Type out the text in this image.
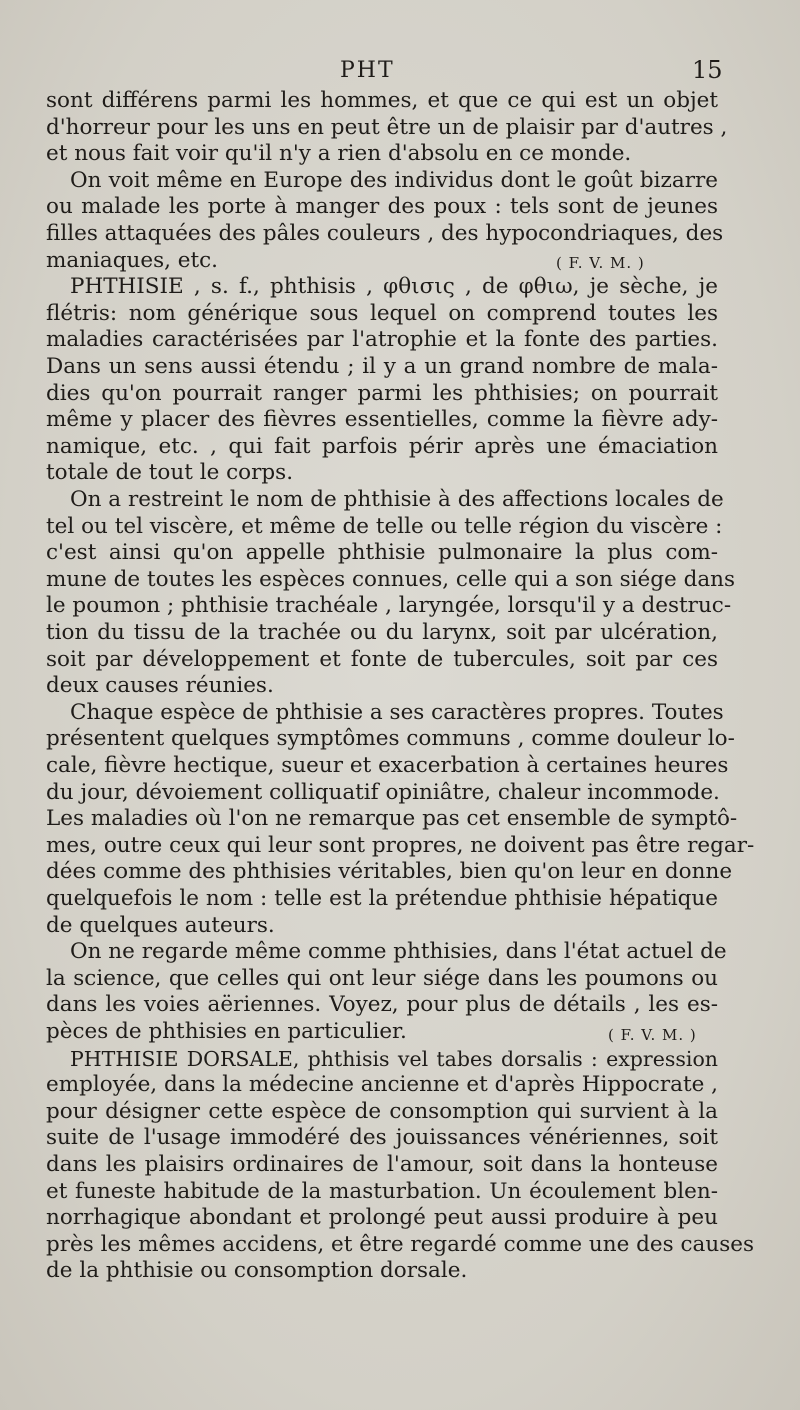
PHT	15
sont différens parmi les hommes, et que ce qui est un objet
d'horreur pour les uns en peut être un de plaisir par d'autres ,
et nous fait voir qu'il n'y a rien d'absolu en ce monde.
On voit même en Europe des individus dont le goût bizarre
ou malade les porte à manger des poux : tels sont de jeunes
filles attaquées des pâles couleurs , des hypocondriaques, des
maniaques, etc.	( F. V. M. )
PHTHISIE , s. f., phthisis , φθισις , de φθιω, je sèche, je
flétris: nom générique sous lequel on comprend toutes les
maladies caractérisées par l'atrophie et la fonte des parties.
Dans un sens aussi étendu ; il y a un grand nombre de mala-
dies qu'on pourrait ranger parmi les phthisies; on pourrait
même y placer des fièvres essentielles, comme la fièvre ady-
namique, etc. , qui fait parfois périr après une émaciation
totale de tout le corps.
On a restreint le nom de phthisie à des affections locales de
tel ou tel viscère, et même de telle ou telle région du viscère :
c'est ainsi qu'on appelle phthisie pulmonaire la plus com-
mune de toutes les espèces connues, celle qui a son siége dans
le poumon ; phthisie trachéale , laryngée, lorsqu'il y a destruc-
tion du tissu de la trachée ou du larynx, soit par ulcération,
soit par développement et fonte de tubercules, soit par ces
deux causes réunies.
Chaque espèce de phthisie a ses caractères propres. Toutes
présentent quelques symptômes communs , comme douleur lo-
cale, fièvre hectique, sueur et exacerbation à certaines heures
du jour, dévoiement colliquatif opiniâtre, chaleur incommode.
Les maladies où l'on ne remarque pas cet ensemble de symptô-
mes, outre ceux qui leur sont propres, ne doivent pas être regar-
dées comme des phthisies véritables, bien qu'on leur en donne
quelquefois le nom : telle est la prétendue phthisie hépatique
de quelques auteurs.
On ne regarde même comme phthisies, dans l'état actuel de
la science, que celles qui ont leur siége dans les poumons ou
dans les voies aëriennes. Voyez, pour plus de détails , les es-
pèces de phthisies en particulier.	( F. V. M. )
PHTHISIE DORSALE, phthisis vel tabes dorsalis : expression
employée, dans la médecine ancienne et d'après Hippocrate ,
pour désigner cette espèce de consomption qui survient à la
suite de l'usage immodéré des jouissances vénériennes, soit
dans les plaisirs ordinaires de l'amour, soit dans la honteuse
et funeste habitude de la masturbation. Un écoulement blen-
norrhagique abondant et prolongé peut aussi produire à peu
près les mêmes accidens, et être regardé comme une des causes
de la phthisie ou consomption dorsale.
